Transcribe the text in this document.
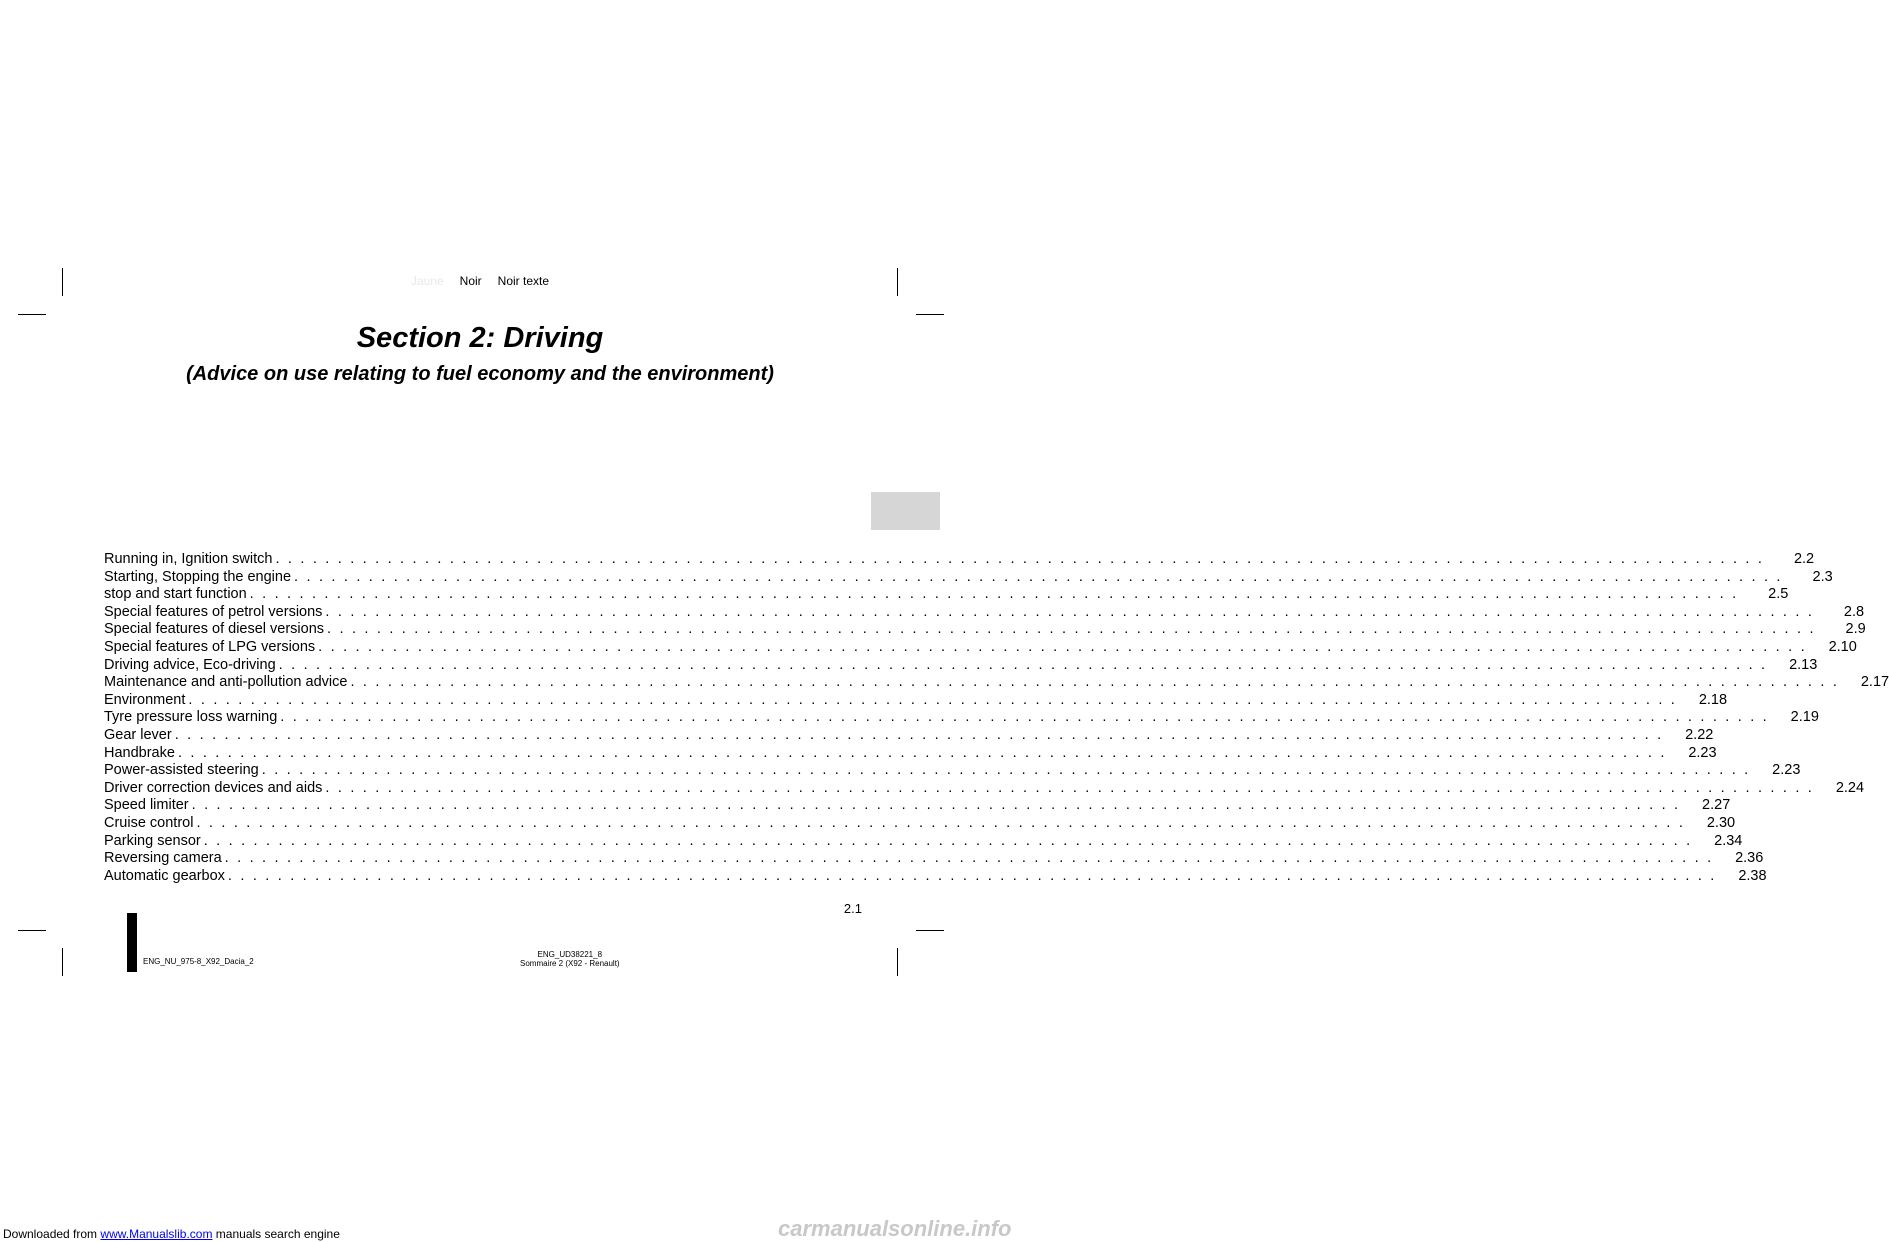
Jaune Noir Noir texte
Section 2: Driving
(Advice on use relating to fuel economy and the environment)
Running in, Ignition switch . . . . . . . . . . . . . . . . . . . . . . . . . . . . . . . . . . . . . . . . . . . . . . . . . . . . . . . . . . . . . . . . . . . . . . . . . . . . . . . . . . . . . . . . . . . . . . . . . . . . . . . . . . . . . . . . . . . . . . . .	2.2
Starting, Stopping the engine . . . . . . . . . . . . . . . . . . . . . . . . . . . . . . . . . . . . . . . . . . . . . . . . . . . . . . . . . . . . . . . . . . . . . . . . . . . . . . . . . . . . . . . . . . . . . . . . . . . . . . . . . . . . . . . . . . . . . . . .	2.3
stop and start function . . . . . . . . . . . . . . . . . . . . . . . . . . . . . . . . . . . . . . . . . . . . . . . . . . . . . . . . . . . . . . . . . . . . . . . . . . . . . . . . . . . . . . . . . . . . . . . . . . . . . . . . . . . . . . . . . . . . . . . .	2.5
Special features of petrol versions . . . . . . . . . . . . . . . . . . . . . . . . . . . . . . . . . . . . . . . . . . . . . . . . . . . . . . . . . . . . . . . . . . . . . . . . . . . . . . . . . . . . . . . . . . . . . . . . . . . . . . . . . . . . . . . . . . . . . . . .	2.8
Special features of diesel versions . . . . . . . . . . . . . . . . . . . . . . . . . . . . . . . . . . . . . . . . . . . . . . . . . . . . . . . . . . . . . . . . . . . . . . . . . . . . . . . . . . . . . . . . . . . . . . . . . . . . . . . . . . . . . . . . . . . . . . . .	2.9
Special features of LPG versions . . . . . . . . . . . . . . . . . . . . . . . . . . . . . . . . . . . . . . . . . . . . . . . . . . . . . . . . . . . . . . . . . . . . . . . . . . . . . . . . . . . . . . . . . . . . . . . . . . . . . . . . . . . . . . . . . . . . . . . .	2.10
Driving advice, Eco-driving . . . . . . . . . . . . . . . . . . . . . . . . . . . . . . . . . . . . . . . . . . . . . . . . . . . . . . . . . . . . . . . . . . . . . . . . . . . . . . . . . . . . . . . . . . . . . . . . . . . . . . . . . . . . . . . . . . . . . . . .	2.13
Maintenance and anti-pollution advice . . . . . . . . . . . . . . . . . . . . . . . . . . . . . . . . . . . . . . . . . . . . . . . . . . . . . . . . . . . . . . . . . . . . . . . . . . . . . . . . . . . . . . . . . . . . . . . . . . . . . . . . . . . . . . . . . . . . . . . .	2.17
Environment . . . . . . . . . . . . . . . . . . . . . . . . . . . . . . . . . . . . . . . . . . . . . . . . . . . . . . . . . . . . . . . . . . . . . . . . . . . . . . . . . . . . . . . . . . . . . . . . . . . . . . . . . . . . . . . . . . . . . . . .	2.18
Tyre pressure loss warning . . . . . . . . . . . . . . . . . . . . . . . . . . . . . . . . . . . . . . . . . . . . . . . . . . . . . . . . . . . . . . . . . . . . . . . . . . . . . . . . . . . . . . . . . . . . . . . . . . . . . . . . . . . . . . . . . . . . . . . .	2.19
Gear lever . . . . . . . . . . . . . . . . . . . . . . . . . . . . . . . . . . . . . . . . . . . . . . . . . . . . . . . . . . . . . . . . . . . . . . . . . . . . . . . . . . . . . . . . . . . . . . . . . . . . . . . . . . . . . . . . . . . . . . . .	2.22
Handbrake . . . . . . . . . . . . . . . . . . . . . . . . . . . . . . . . . . . . . . . . . . . . . . . . . . . . . . . . . . . . . . . . . . . . . . . . . . . . . . . . . . . . . . . . . . . . . . . . . . . . . . . . . . . . . . . . . . . . . . . .	2.23
Power-assisted steering . . . . . . . . . . . . . . . . . . . . . . . . . . . . . . . . . . . . . . . . . . . . . . . . . . . . . . . . . . . . . . . . . . . . . . . . . . . . . . . . . . . . . . . . . . . . . . . . . . . . . . . . . . . . . . . . . . . . . . . .	2.23
Driver correction devices and aids . . . . . . . . . . . . . . . . . . . . . . . . . . . . . . . . . . . . . . . . . . . . . . . . . . . . . . . . . . . . . . . . . . . . . . . . . . . . . . . . . . . . . . . . . . . . . . . . . . . . . . . . . . . . . . . . . . . . . . . .	2.24
Speed limiter . . . . . . . . . . . . . . . . . . . . . . . . . . . . . . . . . . . . . . . . . . . . . . . . . . . . . . . . . . . . . . . . . . . . . . . . . . . . . . . . . . . . . . . . . . . . . . . . . . . . . . . . . . . . . . . . . . . . . . . .	2.27
Cruise control . . . . . . . . . . . . . . . . . . . . . . . . . . . . . . . . . . . . . . . . . . . . . . . . . . . . . . . . . . . . . . . . . . . . . . . . . . . . . . . . . . . . . . . . . . . . . . . . . . . . . . . . . . . . . . . . . . . . . . . .	2.30
Parking sensor . . . . . . . . . . . . . . . . . . . . . . . . . . . . . . . . . . . . . . . . . . . . . . . . . . . . . . . . . . . . . . . . . . . . . . . . . . . . . . . . . . . . . . . . . . . . . . . . . . . . . . . . . . . . . . . . . . . . . . . .	2.34
Reversing camera . . . . . . . . . . . . . . . . . . . . . . . . . . . . . . . . . . . . . . . . . . . . . . . . . . . . . . . . . . . . . . . . . . . . . . . . . . . . . . . . . . . . . . . . . . . . . . . . . . . . . . . . . . . . . . . . . . . . . . . .	2.36
Automatic gearbox . . . . . . . . . . . . . . . . . . . . . . . . . . . . . . . . . . . . . . . . . . . . . . . . . . . . . . . . . . . . . . . . . . . . . . . . . . . . . . . . . . . . . . . . . . . . . . . . . . . . . . . . . . . . . . . . . . . . . . . .	2.38
2.1
ENG_NU_975-8_X92_Dacia_2
ENG_UD38221_8
Sommaire 2 (X92 - Renault)
Downloaded from www.Manualslib.com manuals search engine	carmanualsonline.info
